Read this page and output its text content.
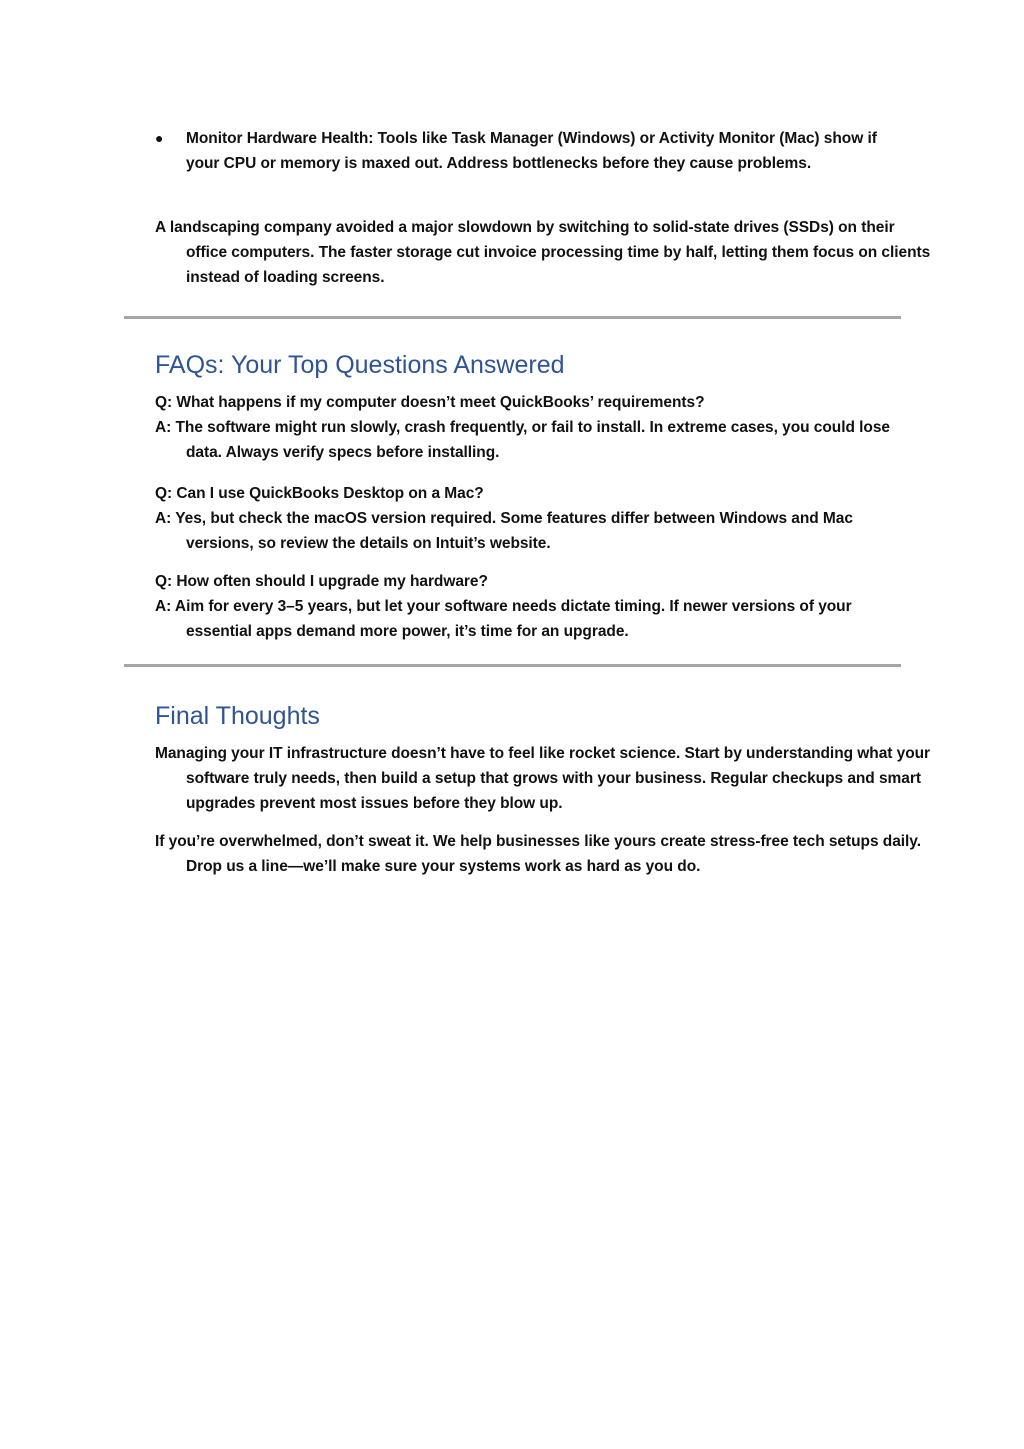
●	Monitor Hardware Health: Tools like Task Manager (Windows) or Activity Monitor (Mac) show if your CPU or memory is maxed out. Address bottlenecks before they cause problems.

A landscaping company avoided a major slowdown by switching to solid-state drives (SSDs) on their office computers. The faster storage cut invoice processing time by half, letting them focus on clients instead of loading screens.

FAQs: Your Top Questions Answered

Q: What happens if my computer doesn’t meet QuickBooks’ requirements?

A: The software might run slowly, crash frequently, or fail to install. In extreme cases, you could lose data. Always verify specs before installing.

Q: Can I use QuickBooks Desktop on a Mac?

A: Yes, but check the macOS version required. Some features differ between Windows and Mac versions, so review the details on Intuit’s website.

Q: How often should I upgrade my hardware?

A: Aim for every 3–5 years, but let your software needs dictate timing. If newer versions of your essential apps demand more power, it’s time for an upgrade.

Final Thoughts

Managing your IT infrastructure doesn’t have to feel like rocket science. Start by understanding what your software truly needs, then build a setup that grows with your business. Regular checkups and smart upgrades prevent most issues before they blow up.

If you’re overwhelmed, don’t sweat it. We help businesses like yours create stress-free tech setups daily. Drop us a line—we’ll make sure your systems work as hard as you do.
